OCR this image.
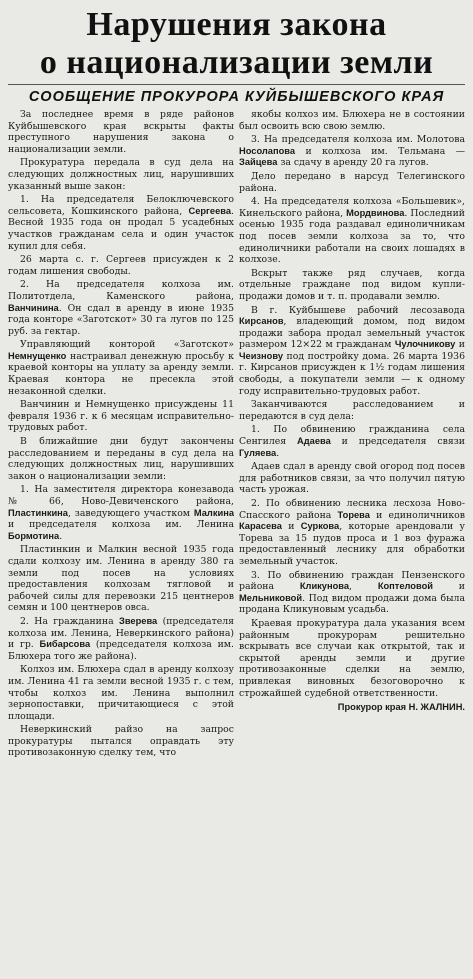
Нарушения закона
о национализации земли
СООБЩЕНИЕ ПРОКУРОРА КУЙБЫШЕВСКОГО КРАЯ

За последнее время в ряде районов Куйбышевского края вскрыты факты преступного нарушения закона о национализации земли.

Прокуратура передала в суд дела на следующих должностных лиц, нарушивших указанный выше закон:

1. На председателя Белоключевского сельсовета, Кошкинского района, Сергеева. Весной 1935 года он продал 5 усадебных участков гражданам села и один участок купил для себя.

26 марта с. г. Сергеев присужден к 2 годам лишения свободы.

2. На председателя колхоза им. Политотдела, Каменского района, Ванчинина. Он сдал в аренду в июне 1935 года конторе «Заготскот» 30 га лугов по 125 руб. за гектар.

Управляющий конторой «Заготскот» Немнущенко настраивал денежную просьбу к краевой конторы на уплату за аренду земли. Краевая контора не пресекла этой незаконной сделки.

Ванчинин и Немнущенко присуждены 11 февраля 1936 г. к 6 месяцам исправительно-трудовых работ.

В ближайшие дни будут закончены расследованием и переданы в суд дела на следующих должностных лиц, нарушивших закон о национализации земли:

1. На заместителя директора конезавода № 66, Ново-Девиченского района, Пластинкина, заведующего участком Малкина и председателя колхоза им. Ленина Бормотина.

Пластинкин и Малкин весной 1935 года сдали колхозу им. Ленина в аренду 380 га земли под посев на условиях предоставления колхозам тягловой и рабочей силы для перевозки 215 центнеров семян и 100 центнеров овса.

2. На гражданина Зверева (председателя колхоза им. Ленина, Неверкинского района) и гр. Бибарсова (председателя колхоза им. Блюхера того же района).

Колхоз им. Блюхера сдал в аренду колхозу им. Ленина 41 га земли весной 1935 г. с тем, чтобы колхоз им. Ленина выполнил зернопоставки, причитающиеся с этой площади.

Неверкинский райзо на запрос прокуратуры пытался оправдать эту противозаконную сделку тем, что

якобы колхоз им. Блюхера не в состоянии был освоить всю свою землю.

3. На председателя колхоза им. Молотова Носолапова и колхоза им. Тельмана — Зайцева за сдачу в аренду 20 га лугов.

Дело передано в нарсуд Телегинского района.

4. На председателя колхоза «Большевик», Кинельского района, Мордвинова. Последний осенью 1935 года раздавал единоличникам под посев земли колхоза за то, что единоличники работали на своих лошадях в колхозе.

Вскрыт также ряд случаев, когда отдельные граждане под видом купли-продажи домов и т. п. продавали землю.

В г. Куйбышеве рабочий лесозавода Кирсанов, владеющий домом, под видом продажи забора продал земельный участок размером 12×22 м гражданам Чулочникову и Чеизнову под постройку дома. 26 марта 1936 г. Кирсанов присужден к 1½ годам лишения свободы, а покупатели земли — к одному году исправительно-трудовых работ.

Заканчиваются расследованием и передаются в суд дела:

1. По обвинению гражданина села Сенгилея Адаева и председателя связи Гуляева.

Адаев сдал в аренду свой огород под посев для работников связи, за что получил пятую часть урожая.

2. По обвинению лесника лесхоза Ново-Спасского района Торева и единоличников Карасева и Суркова, которые арендовали у Торева за 15 пудов проса и 1 воз фуража предоставленный леснику для обработки земельный участок.

3. По обвинению граждан Пензенского района Кликунова, Коптеловой и Мельниковой. Под видом продажи дома была продана Кликуновым усадьба.

Краевая прокуратура дала указания всем районным прокурорам решительно вскрывать все случаи как открытой, так и скрытой аренды земли и другие противозаконные сделки на землю, привлекая виновных безоговорочно к строжайшей судебной ответственности.

Прокурор края Н. ЖАЛНИН.
